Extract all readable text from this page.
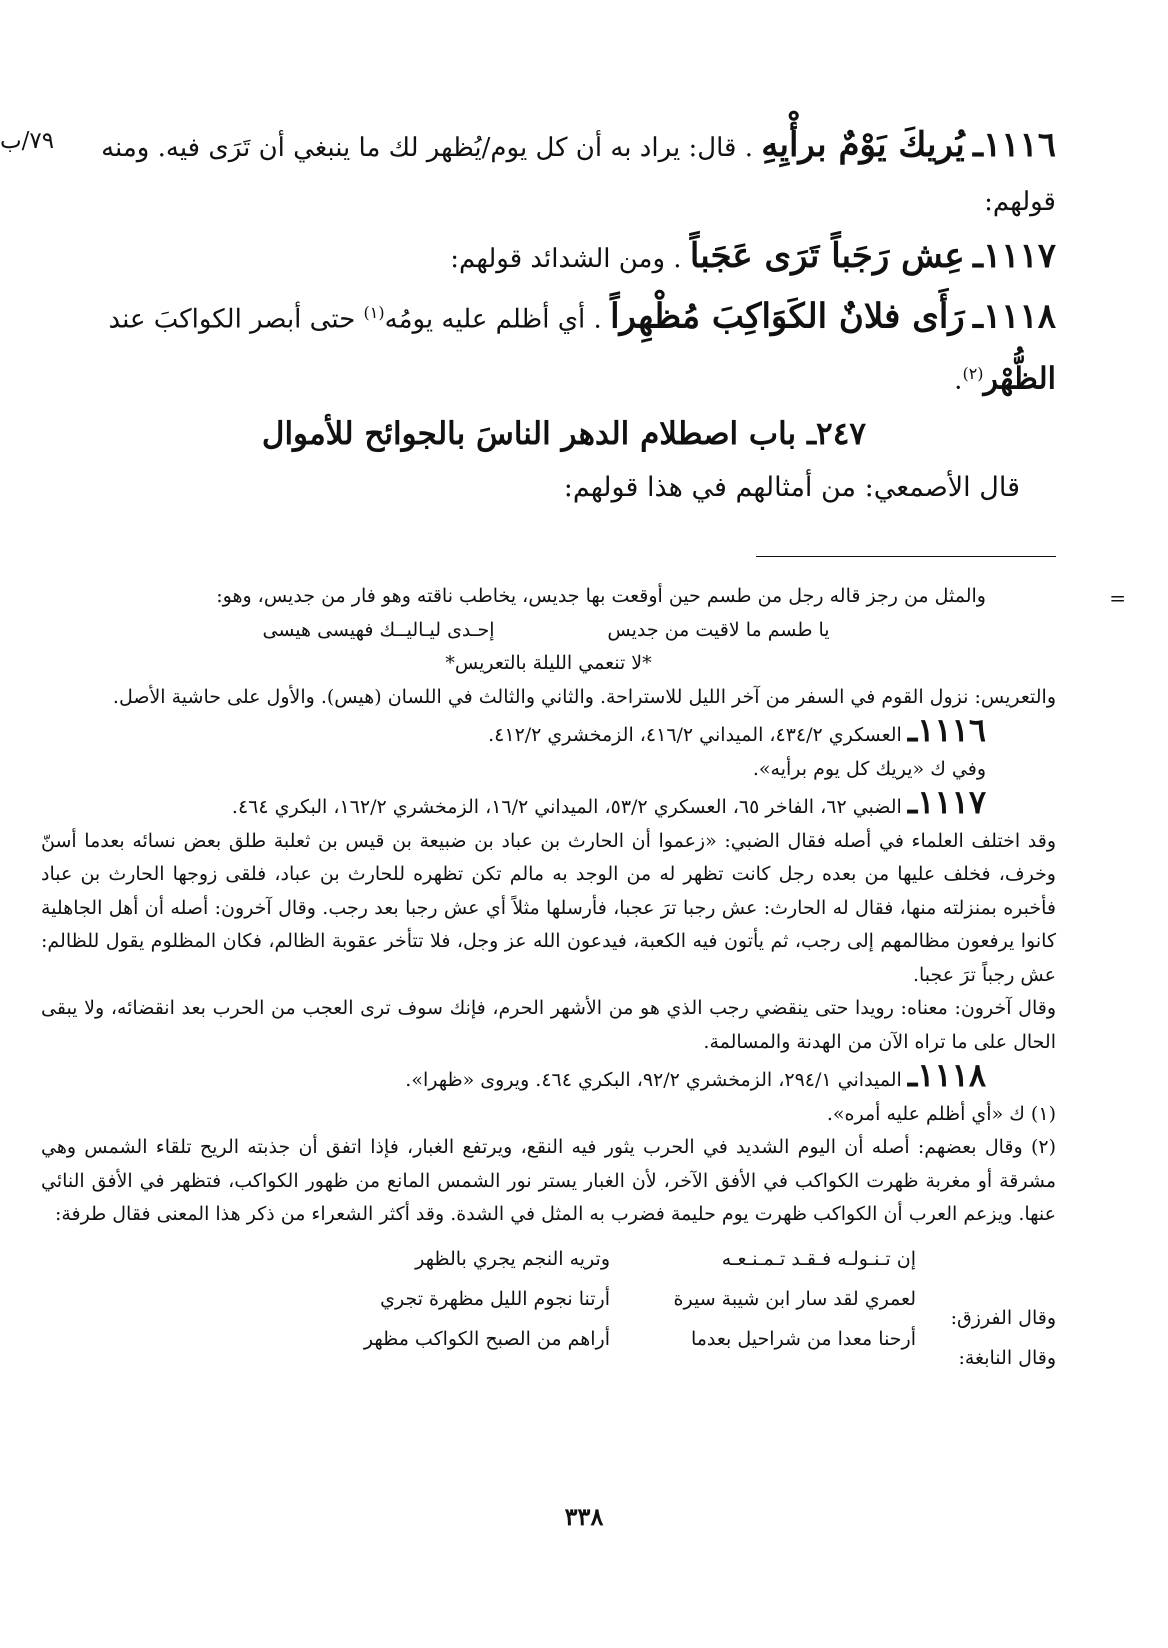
٧٩/ب	١١١٦ـ يُريكَ يَوْمٌ برأْيِهِ . قال: يراد به أن كل يوم/يُظهر لك ما ينبغي أن تَرَى فيه. ومنه

قولهم:

١١١٧ـ عِش رَجَباً تَرَى عَجَباً . ومن الشدائد قولهم:

١١١٨ـ رَأَى فلانٌ الكَوَاكِبَ مُظْهِراً . أي أظلم عليه يومُه$^{(١)}$ حتى أبصر الكواكبَ عند

الظُّهْر$^{(٢)}$.

٢٤٧ـ باب اصطلام الدهر الناسَ بالجوائح للأموال

قال الأصمعي: من أمثالهم في هذا قولهم:

=

والمثل من رجز قاله رجل من طسم حين أوقعت بها جديس، يخاطب ناقته وهو فار من جديس، وهو:

يا طسم ما لاقيت من جديس
إحـدى ليـاليــك فهيسى هيسى

*لا تنعمي الليلة بالتعريس*

والتعريس: نزول القوم في السفر من آخر الليل للاستراحة. والثاني والثالث في اللسان (هيس). والأول على حاشية الأصل.

١١١٦ـ العسكري ٤٣٤/٢، الميداني ٤١٦/٢، الزمخشري ٤١٢/٢.

وفي ك «يريك كل يوم برأيه».

١١١٧ـ الضبي ٦٢، الفاخر ٦٥، العسكري ٥٣/٢، الميداني ١٦/٢، الزمخشري ١٦٢/٢، البكري ٤٦٤.

وقد اختلف العلماء في أصله فقال الضبي: «زعموا أن الحارث بن عباد بن ضبيعة بن قيس بن ثعلبة طلق بعض نسائه بعدما أسنّ وخرف، فخلف عليها من بعده رجل كانت تظهر له من الوجد به مالم تكن تظهره للحارث بن عباد، فلقى زوجها الحارث بن عباد فأخبره بمنزلته منها، فقال له الحارث: عش رجبا ترَ عجبا، فأرسلها مثلاً أي عش رجبا بعد رجب. وقال آخرون: أصله أن أهل الجاهلية كانوا يرفعون مظالمهم إلى رجب، ثم يأتون فيه الكعبة، فيدعون الله عز وجل، فلا تتأخر عقوبة الظالم، فكان المظلوم يقول للظالم: عش رجباً ترَ عجبا.

وقال آخرون: معناه: رويدا حتى ينقضي رجب الذي هو من الأشهر الحرم، فإنك سوف ترى العجب من الحرب بعد انقضائه، ولا يبقى الحال على ما تراه الآن من الهدنة والمسالمة.

١١١٨ـ الميداني ٢٩٤/١، الزمخشري ٩٢/٢، البكري ٤٦٤. ويروى «ظهرا».

(١) ك «أي أظلم عليه أمره».

(٢) وقال بعضهم: أصله أن اليوم الشديد في الحرب يثور فيه النقع، ويرتفع الغبار، فإذا اتفق أن جذبته الريح تلقاء الشمس وهي مشرقة أو مغربة ظهرت الكواكب في الأفق الآخر، لأن الغبار يستر نور الشمس المانع من ظهور الكواكب، فتظهر في الأفق النائي عنها. ويزعم العرب أن الكواكب ظهرت يوم حليمة فضرب به المثل في الشدة. وقد أكثر الشعراء من ذكر هذا المعنى فقال طرفة:

إن تـنـولـه فـقـد تـمـنـعـه
وتريه النجم يجري بالظهر
وقال الفرزق:
لعمري لقد سار ابن شيبة سيرة
أرتنا نجوم الليل مظهرة تجري
وقال النابغة:
أرحنا معدا من شراحيل بعدما
أراهم من الصبح الكواكب مظهر
٣٣٨
